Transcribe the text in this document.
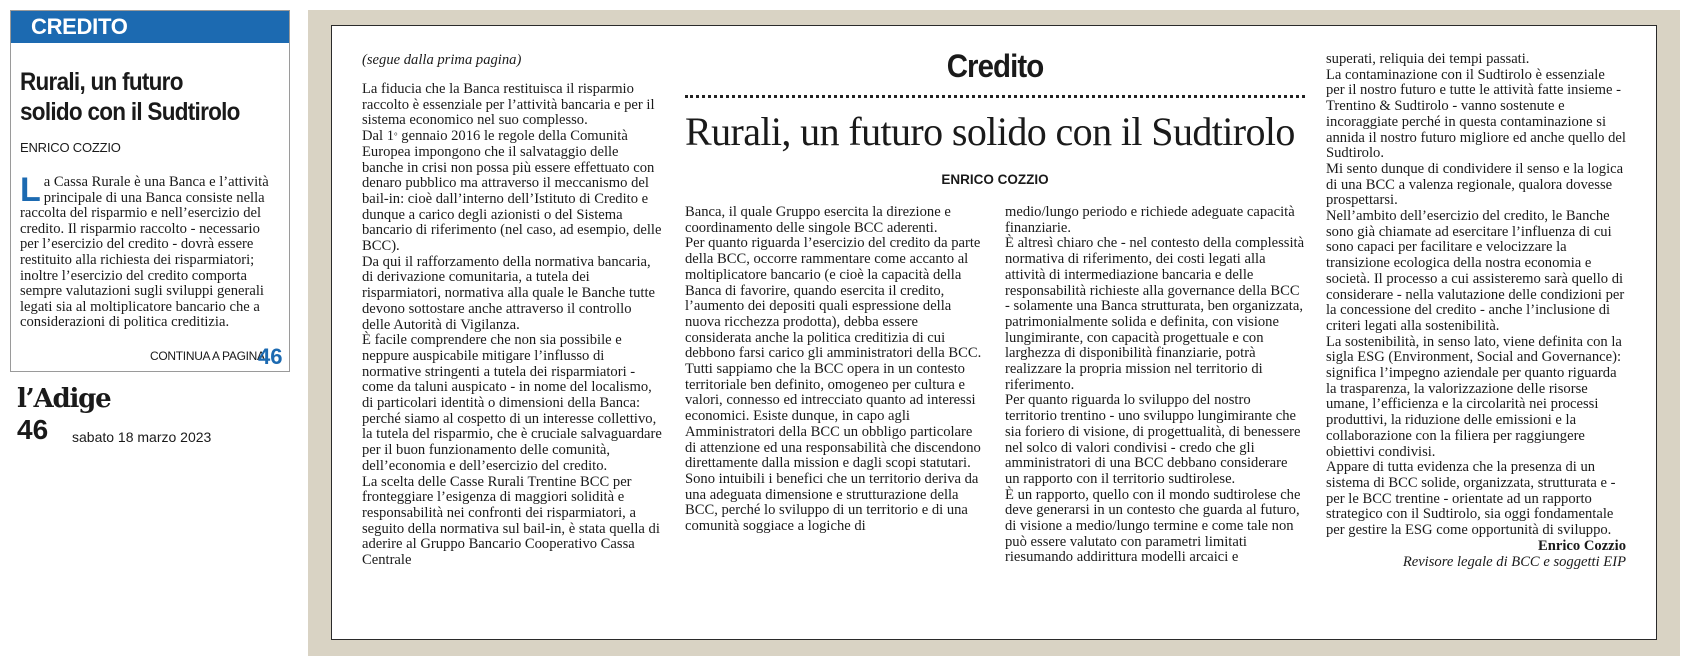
CREDITO
Rurali, un futuro solido con il Sudtirolo
ENRICO COZZIO
La Cassa Rurale è una Banca e l’attività principale di una Banca consiste nella raccolta del risparmio e nell’esercizio del credito. Il risparmio raccolto - necessario per l’esercizio del credito - dovrà essere restituito alla richiesta dei risparmiatori; inoltre l’esercizio del credito comporta sempre valutazioni sugli sviluppi generali legati sia al moltiplicatore bancario che a considerazioni di politica creditizia.
CONTINUA A PAGINA
46
l’Adige
46 sabato 18 marzo 2023
(segue dalla prima pagina)	Credito
Rurali, un futuro solido con il Sudtirolo
ENRICO COZZIO

La fiducia che la Banca restituisca il risparmio raccolto è essenziale per l’attività bancaria e per il sistema economico nel suo complesso.

Dal 1° gennaio 2016 le regole della Comunità Europea impongono che il salvataggio delle banche in crisi non possa più essere effettuato con denaro pubblico ma attraverso il meccanismo del bail-in: cioè dall’interno dell’Istituto di Credito e dunque a carico degli azionisti o del Sistema bancario di riferimento (nel caso, ad esempio, delle BCC).

Da qui il rafforzamento della normativa bancaria, di derivazione comunitaria, a tutela dei risparmiatori, normativa alla quale le Banche tutte devono sottostare anche attraverso il controllo delle Autorità di Vigilanza.

È facile comprendere che non sia possibile e neppure auspicabile mitigare l’influsso di normative stringenti a tutela dei risparmiatori - come da taluni auspicato - in nome del localismo, di particolari identità o dimensioni della Banca: perché siamo al cospetto di un interesse collettivo, la tutela del risparmio, che è cruciale salvaguardare per il buon funzionamento delle comunità, dell’economia e dell’esercizio del credito.

La scelta delle Casse Rurali Trentine BCC per fronteggiare l’esigenza di maggiori solidità e responsabilità nei confronti dei risparmiatori, a seguito della normativa sul bail-in, è stata quella di aderire al Gruppo Bancario Cooperativo Cassa Centrale

Banca, il quale Gruppo esercita la direzione e coordinamento delle singole BCC aderenti.

Per quanto riguarda l’esercizio del credito da parte della BCC, occorre rammentare come accanto al moltiplicatore bancario (e cioè la capacità della Banca di favorire, quando esercita il credito, l’aumento dei depositi quali espressione della nuova ricchezza prodotta), debba essere considerata anche la politica creditizia di cui debbono farsi carico gli amministratori della BCC.

Tutti sappiamo che la BCC opera in un contesto territoriale ben definito, omogeneo per cultura e valori, connesso ed intrecciato quanto ad interessi economici. Esiste dunque, in capo agli Amministratori della BCC un obbligo particolare di attenzione ed una responsabilità che discendono direttamente dalla mission e dagli scopi statutari. Sono intuibili i benefici che un territorio deriva da una adeguata dimensione e strutturazione della BCC, perché lo sviluppo di un territorio e di una comunità soggiace a logiche di

medio/lungo periodo e richiede adeguate capacità finanziarie.

È altresì chiaro che - nel contesto della complessità normativa di riferimento, dei costi legati alla attività di intermediazione bancaria e delle responsabilità richieste alla governance della BCC - solamente una Banca strutturata, ben organizzata, patrimonialmente solida e definita, con visione lungimirante, con capacità progettuale e con larghezza di disponibilità finanziarie, potrà realizzare la propria mission nel territorio di riferimento.

Per quanto riguarda lo sviluppo del nostro territorio trentino - uno sviluppo lungimirante che sia foriero di visione, di progettualità, di benessere nel solco di valori condivisi - credo che gli amministratori di una BCC debbano considerare un rapporto con il territorio sudtirolese.

È un rapporto, quello con il mondo sudtirolese che deve generarsi in un contesto che guarda al futuro, di visione a medio/lungo termine e come tale non può essere valutato con parametri limitati riesumando addirittura modelli arcaici e

superati, reliquia dei tempi passati.

La contaminazione con il Sudtirolo è essenziale per il nostro futuro e tutte le attività fatte insieme - Trentino & Sudtirolo - vanno sostenute e incoraggiate perché in questa contaminazione si annida il nostro futuro migliore ed anche quello del Sudtirolo.

Mi sento dunque di condividere il senso e la logica di una BCC a valenza regionale, qualora dovesse prospettarsi.

Nell’ambito dell’esercizio del credito, le Banche sono già chiamate ad esercitare l’influenza di cui sono capaci per facilitare e velocizzare la transizione ecologica della nostra economia e società. Il processo a cui assisteremo sarà quello di considerare - nella valutazione delle condizioni per la concessione del credito - anche l’inclusione di criteri legati alla sostenibilità.

La sostenibilità, in senso lato, viene definita con la sigla ESG (Environment, Social and Governance): significa l’impegno aziendale per quanto riguarda la trasparenza, la valorizzazione delle risorse umane, l’efficienza e la circolarità nei processi produttivi, la riduzione delle emissioni e la collaborazione con la filiera per raggiungere obiettivi condivisi.

Appare di tutta evidenza che la presenza di un sistema di BCC solide, organizzata, strutturata e - per le BCC trentine - orientate ad un rapporto strategico con il Sudtirolo, sia oggi fondamentale per gestire la ESG come opportunità di sviluppo.

Enrico Cozzio

Revisore legale di BCC e soggetti EIP
